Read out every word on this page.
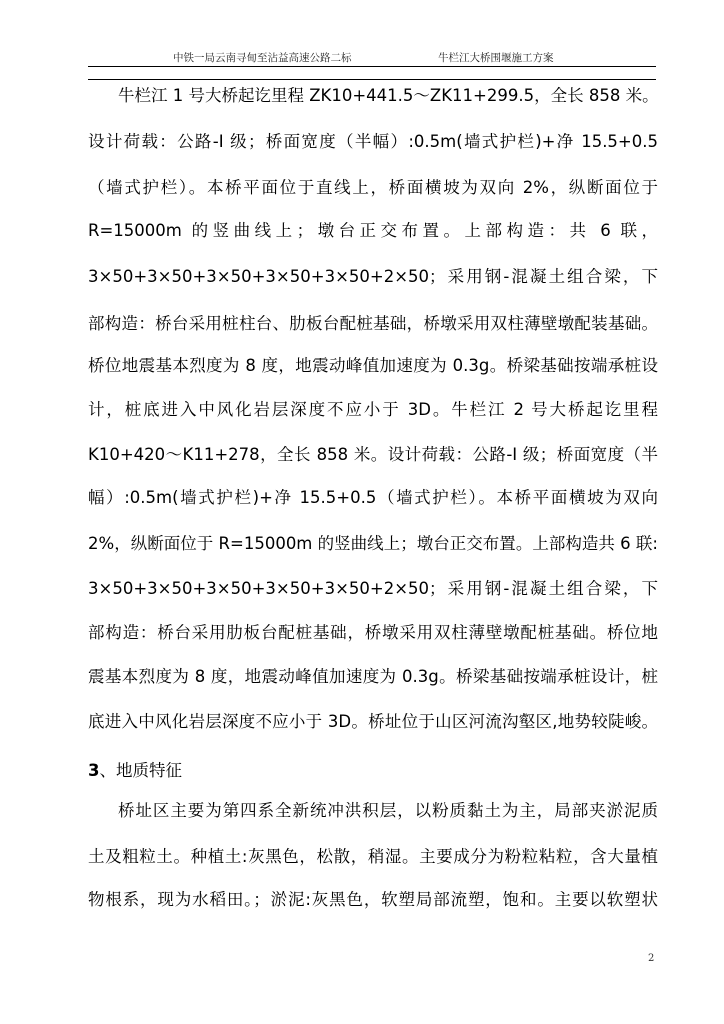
中铁一局云南寻甸至沾益高速公路二标	牛栏江大桥围堰施工方案
牛栏江 1 号大桥起讫里程 ZK10+441.5～ZK11+299.5，全长 858 米。
设计荷载：公路-I 级；桥面宽度（半幅）:0.5m(墙式护栏)+净 15.5+0.5
（墙式护栏）。本桥平面位于直线上，桥面横坡为双向 2%，纵断面位于
R=15000m 的竖曲线上；墩台正交布置。上部构造：共 6 联，
3×50+3×50+3×50+3×50+3×50+2×50；采用钢-混凝土组合梁，下
部构造：桥台采用桩柱台、肋板台配桩基础，桥墩采用双柱薄壁墩配装基础。
桥位地震基本烈度为 8 度，地震动峰值加速度为 0.3g。桥梁基础按端承桩设
计，桩底进入中风化岩层深度不应小于 3D。牛栏江 2 号大桥起讫里程
K10+420～K11+278，全长 858 米。设计荷载：公路-I 级；桥面宽度（半
幅）:0.5m(墙式护栏)+净 15.5+0.5（墙式护栏）。本桥平面横坡为双向
2%，纵断面位于 R=15000m 的竖曲线上；墩台正交布置。上部构造共 6 联:
3×50+3×50+3×50+3×50+3×50+2×50；采用钢-混凝土组合梁，下
部构造：桥台采用肋板台配桩基础，桥墩采用双柱薄壁墩配桩基础。桥位地
震基本烈度为 8 度，地震动峰值加速度为 0.3g。桥梁基础按端承桩设计，桩
底进入中风化岩层深度不应小于 3D。桥址位于山区河流沟壑区,地势较陡峻。
3、地质特征
桥址区主要为第四系全新统冲洪积层，以粉质黏土为主，局部夹淤泥质
土及粗粒土。种植土:灰黑色，松散，稍湿。主要成分为粉粒粘粒，含大量植
物根系，现为水稻田。；淤泥:灰黑色，软塑局部流塑，饱和。主要以软塑状
2
